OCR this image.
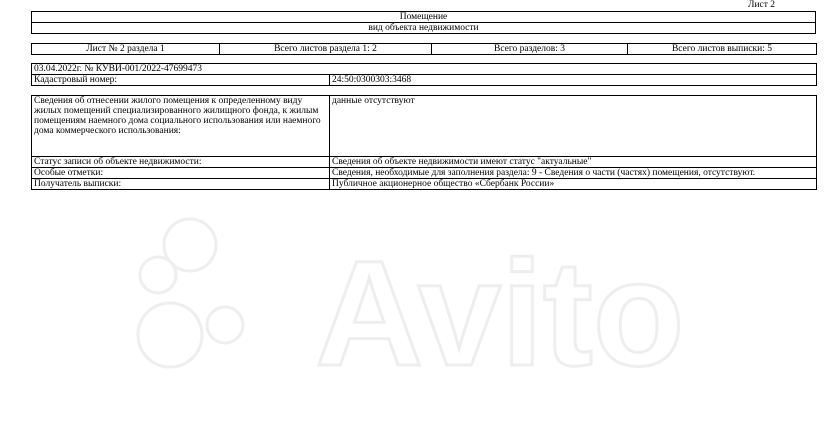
Лист 2
Помещение
вид объекта недвижимости
Лист № 2 раздела 1	Всего листов раздела 1: 2	Всего разделов: 3	Всего листов выписки: 5
03.04.2022г. № КУВИ-001/2022-47699473
Кадастровый номер:	24:50:0300303:3468
Сведения об отнесении жилого помещения к определенному виду жилых помещений специализированного жилищного фонда, к жилым помещениям наемного дома социального использования или наемного дома коммерческого использования:	данные отсутствуют
Статус записи об объекте недвижимости:	Сведения об объекте недвижимости имеют статус "актуальные"
Особые отметки:	Сведения, необходимые для заполнения раздела: 9 - Сведения о части (частях) помещения, отсутствуют.
Получатель выписки:	Публичное акционерное общество «Сбербанк России»
Avito
